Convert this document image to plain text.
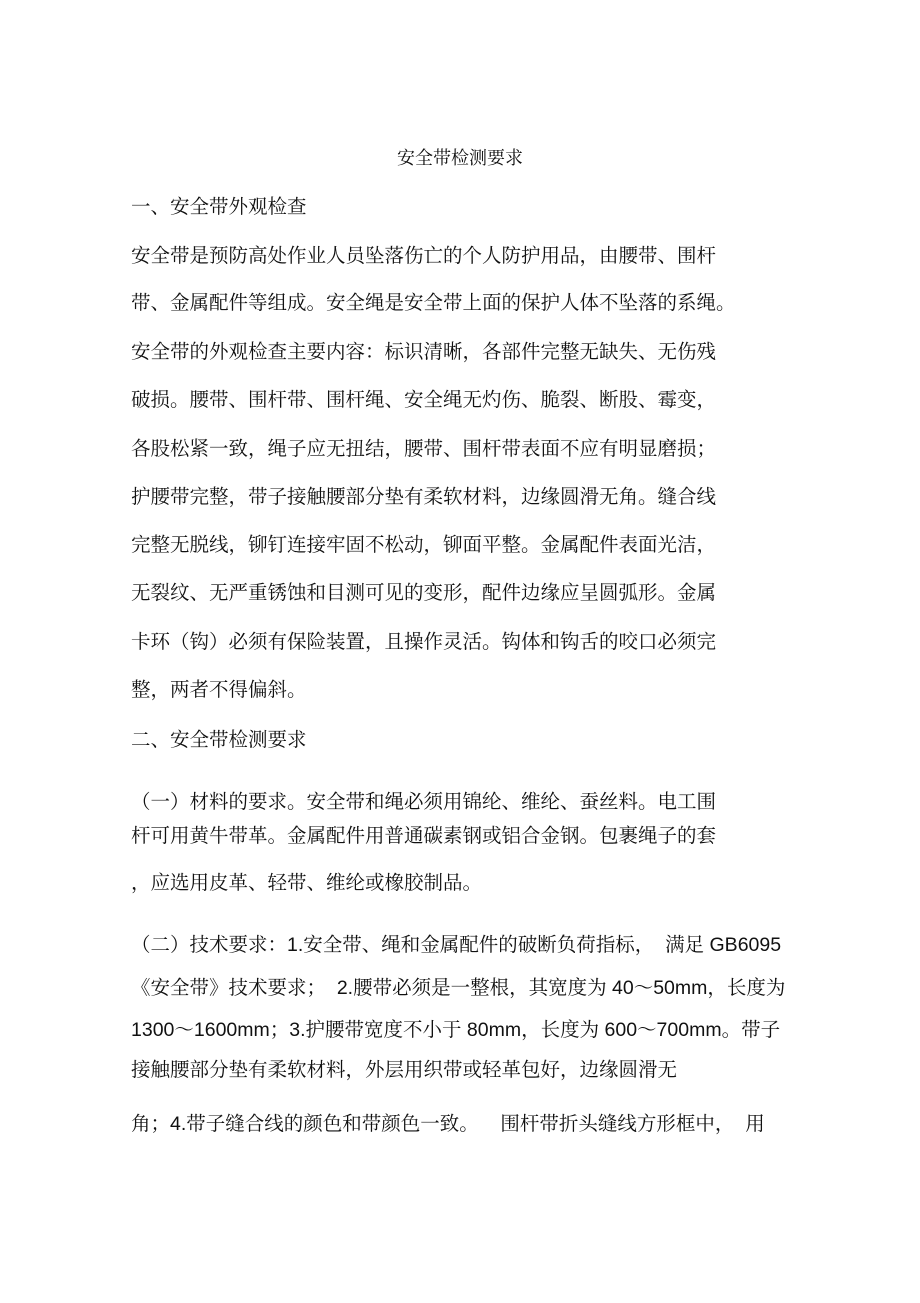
安全带检测要求

一、安全带外观检查

安全带是预防高处作业人员坠落伤亡的个人防护用品，由腰带、围杆

带、金属配件等组成。安全绳是安全带上面的保护人体不坠落的系绳。

安全带的外观检查主要内容：标识清晰，各部件完整无缺失、无伤残

破损。腰带、围杆带、围杆绳、安全绳无灼伤、脆裂、断股、霉变，

各股松紧一致，绳子应无扭结，腰带、围杆带表面不应有明显磨损；

护腰带完整，带子接触腰部分垫有柔软材料，边缘圆滑无角。缝合线

完整无脱线，铆钉连接牢固不松动，铆面平整。金属配件表面光洁，

无裂纹、无严重锈蚀和目测可见的变形，配件边缘应呈圆弧形。金属

卡环（钩）必须有保险装置，且操作灵活。钩体和钩舌的咬口必须完

整，两者不得偏斜。

二、安全带检测要求

（一）材料的要求。安全带和绳必须用锦纶、维纶、蚕丝料。电工围

杆可用黄牛带革。金属配件用普通碳素钢或铝合金钢。包裹绳子的套

，应选用皮革、轻带、维纶或橡胶制品。

（二）技术要求：1.安全带、绳和金属配件的破断负荷指标，  满足 GB6095

《安全带》技术要求；  2.腰带必须是一整根，其宽度为 40～50mm，长度为

1300～1600mm；3.护腰带宽度不小于 80mm，长度为 600～700mm。带子

接触腰部分垫有柔软材料，外层用织带或轻革包好，边缘圆滑无

角；4.带子缝合线的颜色和带颜色一致。    围杆带折头缝线方形框中，  用
